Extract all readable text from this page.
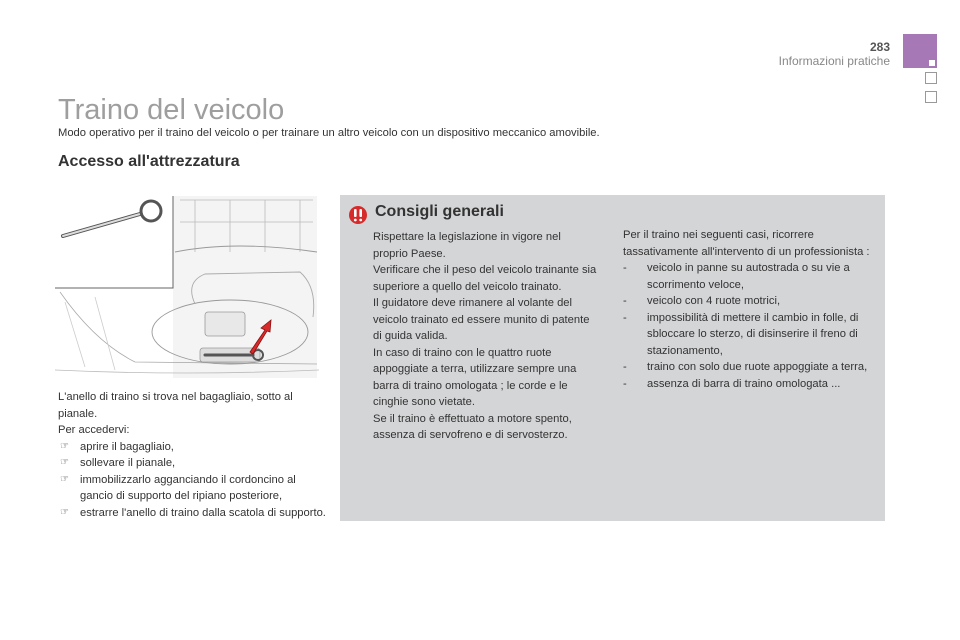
283
Informazioni pratiche
Traino del veicolo
Modo operativo per il traino del veicolo o per trainare un altro veicolo con un dispositivo meccanico amovibile.
Accesso all'attrezzatura

L'anello di traino si trova nel bagagliaio, sotto al pianale.

Per accedervi:

☞ aprire il bagagliaio,
☞ sollevare il pianale,
☞ immobilizzarlo agganciando il cordoncino al gancio di supporto del ripiano posteriore,
☞ estrarre l'anello di traino dalla scatola di supporto.
Consigli generali

Rispettare la legislazione in vigore nel proprio Paese.

Verificare che il peso del veicolo trainante sia superiore a quello del veicolo trainato.

Il guidatore deve rimanere al volante del veicolo trainato ed essere munito di patente di guida valida.

In caso di traino con le quattro ruote appoggiate a terra, utilizzare sempre una barra di traino omologata ; le corde e le cinghie sono vietate.

Se il traino è effettuato a motore spento, assenza di servofreno e di servosterzo.

Per il traino nei seguenti casi, ricorrere tassativamente all'intervento di un professionista :

- veicolo in panne su autostrada o su vie a scorrimento veloce,
- veicolo con 4 ruote motrici,
- impossibilità di mettere il cambio in folle, di sbloccare lo sterzo, di disinserire il freno di stazionamento,
- traino con solo due ruote appoggiate a terra,
- assenza di barra di traino omologata ...
